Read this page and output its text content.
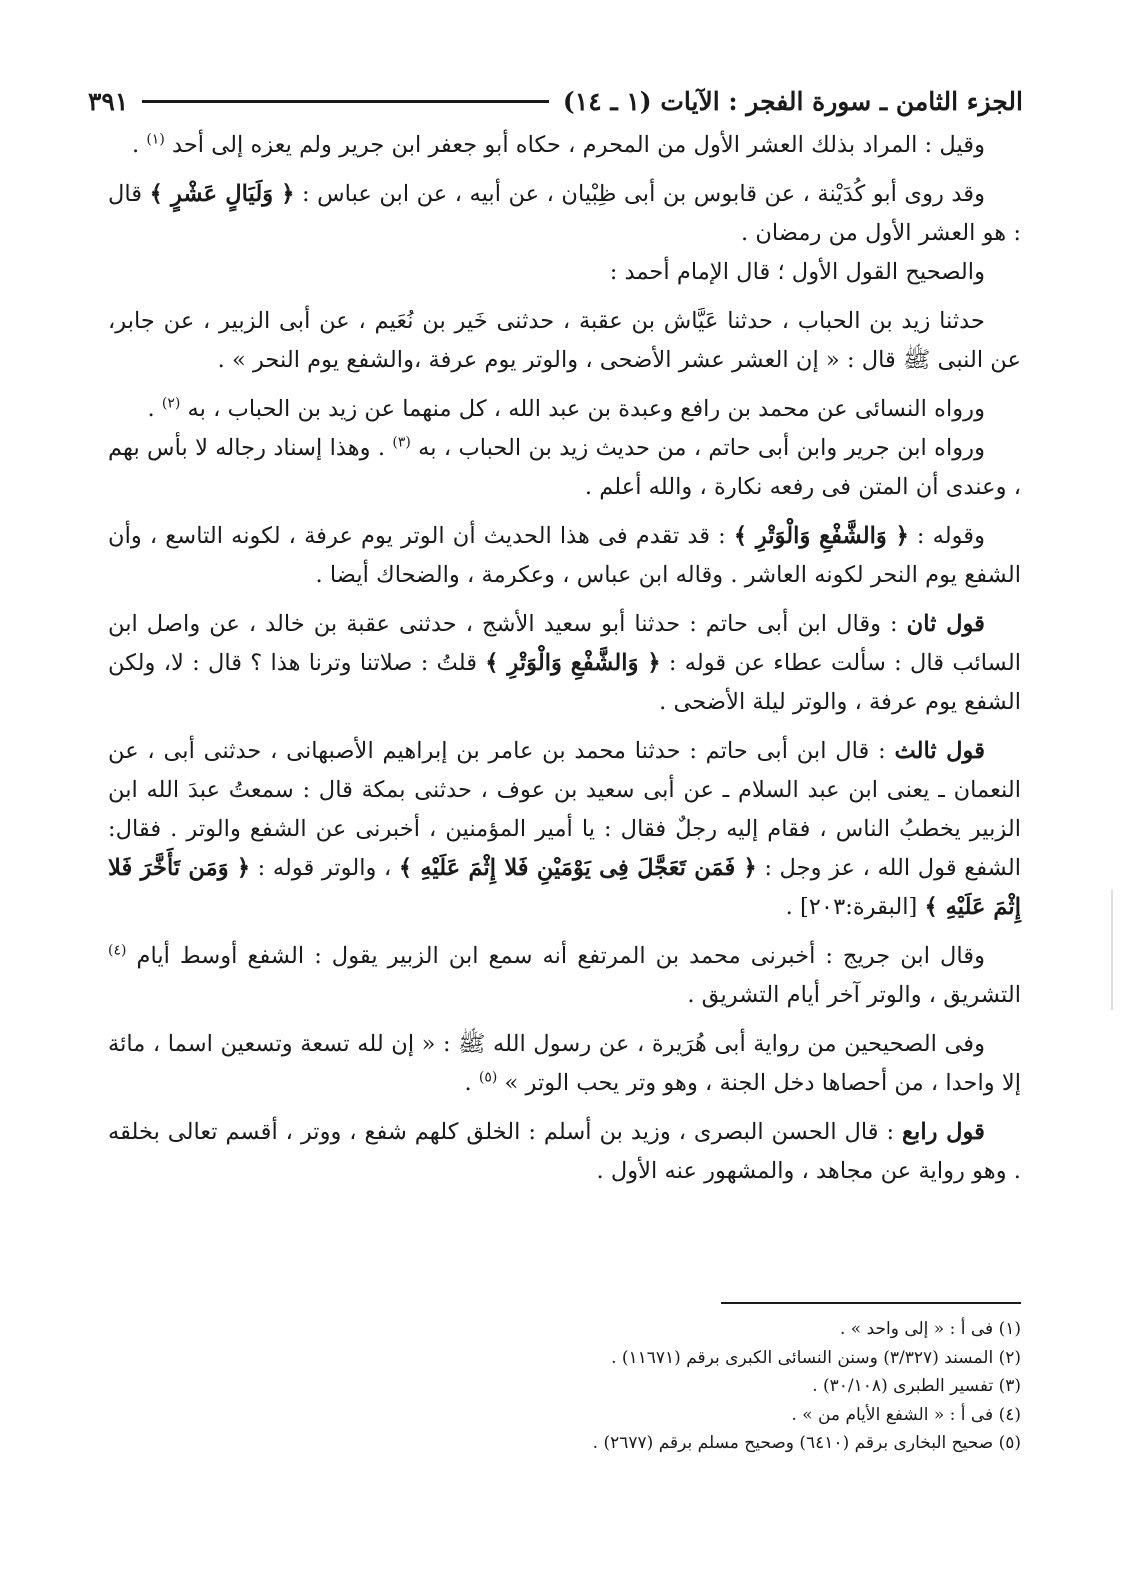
الجزء الثامن ـ سورة الفجر : الآيات (١ ـ ١٤)
٣٩١

وقيل : المراد بذلك العشر الأول من المحرم ، حكاه أبو جعفر ابن جرير ولم يعزه إلى أحد $^{(١)}$ .

وقد روى أبو كُدَيْنة ، عن قابوس بن أبى ظِبْيان ، عن أبيه ، عن ابن عباس : ﴿ وَلَيَالٍ عَشْرٍ ﴾ قال : هو العشر الأول من رمضان .

والصحيح القول الأول ؛ قال الإمام أحمد :

حدثنا زيد بن الحباب ، حدثنا عَيَّاش بن عقبة ، حدثنى خَير بن نُعَيم ، عن أبى الزبير ، عن جابر، عن النبى ﷺ قال : « إن العشر عشر الأضحى ، والوتر يوم عرفة ،والشفع يوم النحر » .

ورواه النسائى عن محمد بن رافع وعبدة بن عبد الله ، كل منهما عن زيد بن الحباب ، به $^{(٢)}$ .

ورواه ابن جرير وابن أبى حاتم ، من حديث زيد بن الحباب ، به $^{(٣)}$ . وهذا إسناد رجاله لا بأس بهم ، وعندى أن المتن فى رفعه نكارة ، والله أعلم .

وقوله : ﴿ وَالشَّفْعِ وَالْوَتْرِ ﴾ : قد تقدم فى هذا الحديث أن الوتر يوم عرفة ، لكونه التاسع ، وأن الشفع يوم النحر لكونه العاشر . وقاله ابن عباس ، وعكرمة ، والضحاك أيضا .

قول ثان : وقال ابن أبى حاتم : حدثنا أبو سعيد الأشج ، حدثنى عقبة بن خالد ، عن واصل ابن السائب قال : سألت عطاء عن قوله : ﴿ وَالشَّفْعِ وَالْوَتْرِ ﴾ قلتُ : صلاتنا وترنا هذا ؟ قال : لا، ولكن الشفع يوم عرفة ، والوتر ليلة الأضحى .

قول ثالث : قال ابن أبى حاتم : حدثنا محمد بن عامر بن إبراهيم الأصبهانى ، حدثنى أبى ، عن النعمان ـ يعنى ابن عبد السلام ـ عن أبى سعيد بن عوف ، حدثنى بمكة قال : سمعتُ عبدَ الله ابن الزبير يخطبُ الناس ، فقام إليه رجلٌ فقال : يا أمير المؤمنين ، أخبرنى عن الشفع والوتر . فقال: الشفع قول الله ، عز وجل : ﴿ فَمَن تَعَجَّلَ فِى يَوْمَيْنِ فَلا إِثْمَ عَلَيْهِ ﴾ ، والوتر قوله : ﴿ وَمَن تَأَخَّرَ فَلا إِثْمَ عَلَيْهِ ﴾ [البقرة:٢٠٣] .

وقال ابن جريج : أخبرنى محمد بن المرتفع أنه سمع ابن الزبير يقول : الشفع أوسط أيام $^{(٤)}$ التشريق ، والوتر آخر أيام التشريق .

وفى الصحيحين من رواية أبى هُرَيرة ، عن رسول الله ﷺ : « إن لله تسعة وتسعين اسما ، مائة إلا واحدا ، من أحصاها دخل الجنة ، وهو وتر يحب الوتر » $^{(٥)}$ .

قول رابع : قال الحسن البصرى ، وزيد بن أسلم : الخلق كلهم شفع ، ووتر ، أقسم تعالى بخلقه . وهو رواية عن مجاهد ، والمشهور عنه الأول .

(١) فى أ : « إلى واحد » .
(٢) المسند (٣/٣٢٧) وسنن النسائى الكبرى برقم (١١٦٧١) .
(٣) تفسير الطبرى (٣٠/١٠٨) .
(٤) فى أ : « الشفع الأيام من » .
(٥) صحيح البخارى برقم (٦٤١٠) وصحيح مسلم برقم (٢٦٧٧) .
